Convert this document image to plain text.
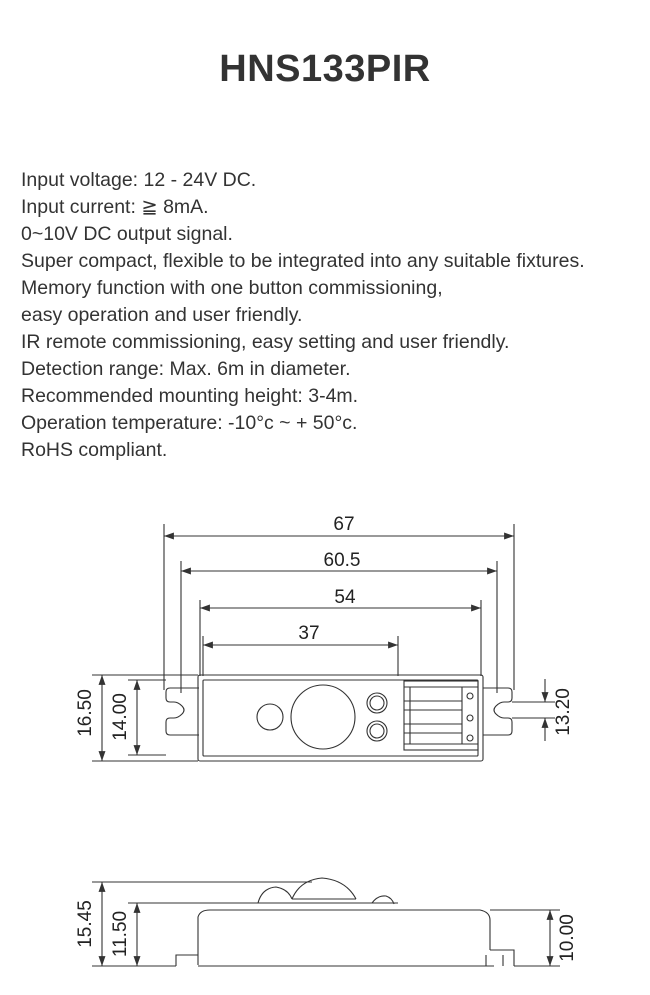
HNS133PIR
Input voltage: 12 - 24V DC.
Input current: ≧ 8mA.
0~10V DC output signal.
Super compact, flexible to be integrated into any suitable fixtures.
Memory function with one button commissioning,
easy operation and user friendly.
IR remote commissioning, easy setting and user friendly.
Detection range: Max. 6m in diameter.
Recommended mounting height: 3-4m.
Operation temperature: -10°c ~ + 50°c.
RoHS compliant.
67
60.5
54
37
16.50 14.00	13.20
15.45 11.50	10.00
